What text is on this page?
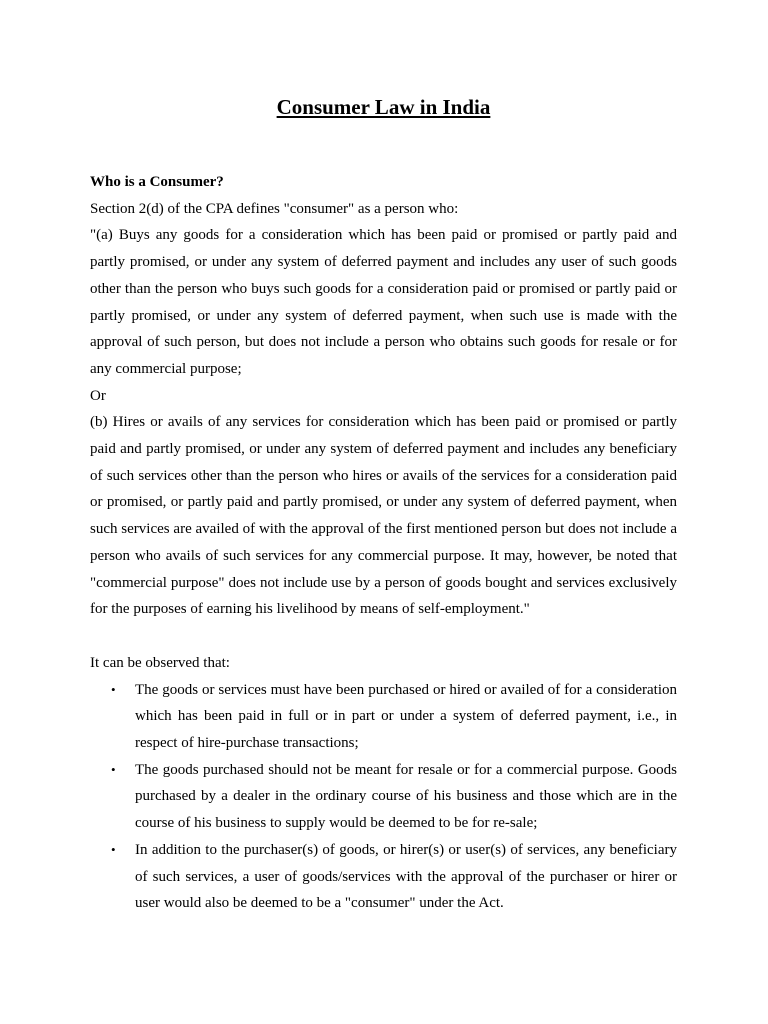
Consumer Law in India

Who is a Consumer?

Section 2(d) of the CPA defines "consumer" as a person who:

"(a) Buys any goods for a consideration which has been paid or promised or partly paid and partly promised, or under any system of deferred payment and includes any user of such goods other than the person who buys such goods for a consideration paid or promised or partly paid or partly promised, or under any system of deferred payment, when such use is made with the approval of such person, but does not include a person who obtains such goods for resale or for any commercial purpose;

Or

(b) Hires or avails of any services for consideration which has been paid or promised or partly paid and partly promised, or under any system of deferred payment and includes any beneficiary of such services other than the person who hires or avails of the services for a consideration paid or promised, or partly paid and partly promised, or under any system of deferred payment, when such services are availed of with the approval of the first mentioned person but does not include a person who avails of such services for any commercial purpose. It may, however, be noted that "commercial purpose" does not include use by a person of goods bought and services exclusively for the purposes of earning his livelihood by means of self-employment."

It can be observed that:

• The goods or services must have been purchased or hired or availed of for a consideration which has been paid in full or in part or under a system of deferred payment, i.e., in respect of hire-purchase transactions;
• The goods purchased should not be meant for resale or for a commercial purpose. Goods purchased by a dealer in the ordinary course of his business and those which are in the course of his business to supply would be deemed to be for re-sale;
• In addition to the purchaser(s) of goods, or hirer(s) or user(s) of services, any beneficiary of such services, a user of goods/services with the approval of the purchaser or hirer or user would also be deemed to be a "consumer" under the Act.
